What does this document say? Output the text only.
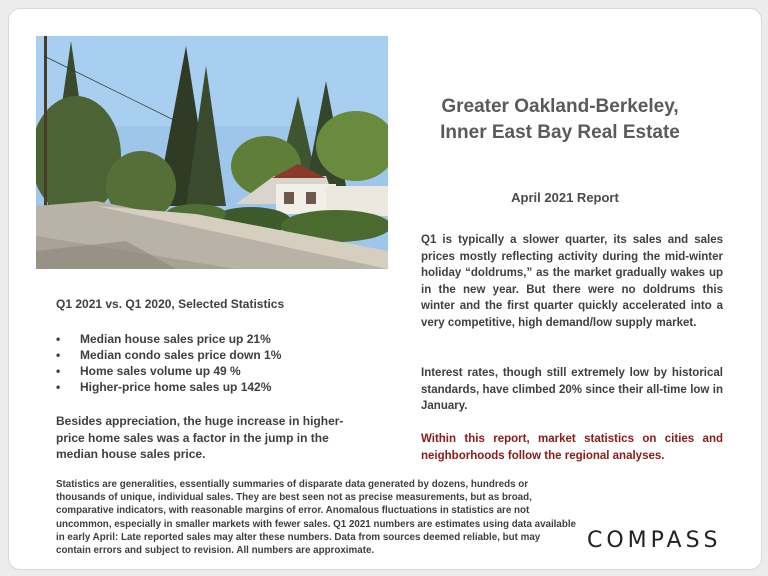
Greater Oakland-Berkeley,
Inner East Bay Real Estate
April 2021 Report
Q1 is typically a slower quarter, its sales and sales prices mostly reflecting activity during the mid-winter holiday “doldrums,” as the market gradually wakes up in the new year. But there were no doldrums this winter and the first quarter quickly accelerated into a very competitive, high demand/low supply market.
Interest rates, though still extremely low by historical standards, have climbed 20% since their all-time low in January.
Within this report, market statistics on cities and neighborhoods follow the regional analyses.
Q1 2021 vs. Q1 2020, Selected Statistics
• Median house sales price up 21%
• Median condo sales price down 1%
• Home sales volume up 49 %
• Higher-price home sales up 142%
Besides appreciation, the huge increase in higher-price home sales was a factor in the jump in the median house sales price.
Statistics are generalities, essentially summaries of disparate data generated by dozens, hundreds or thousands of unique, individual sales. They are best seen not as precise measurements, but as broad, comparative indicators, with reasonable margins of error. Anomalous fluctuations in statistics are not uncommon, especially in smaller markets with fewer sales. Q1 2021 numbers are estimates using data available in early April: Late reported sales may alter these numbers. Data from sources deemed reliable, but may contain errors and subject to revision. All numbers are approximate.	COMPASS
